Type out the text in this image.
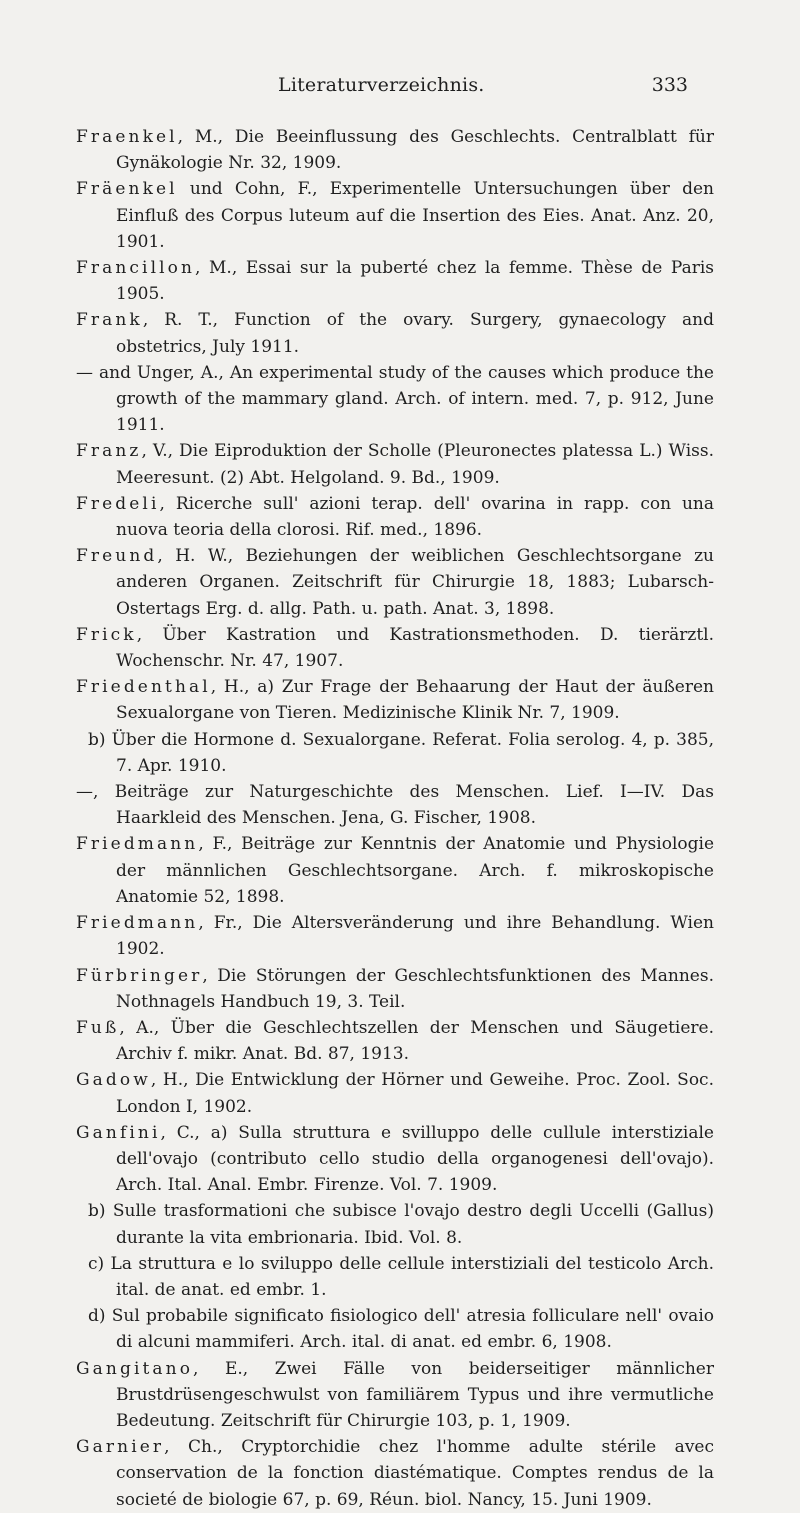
Literaturverzeichnis.	333
Fraenkel, M., Die Beeinflussung des Geschlechts. Centralblatt für Gynäkologie Nr. 32, 1909.
Fräenkel und Cohn, F., Experimentelle Untersuchungen über den Einfluß des Corpus luteum auf die Insertion des Eies. Anat. Anz. 20, 1901.
Francillon, M., Essai sur la puberté chez la femme. Thèse de Paris 1905.
Frank, R. T., Function of the ovary. Surgery, gynaecology and obstetrics, July 1911.
— and Unger, A., An experimental study of the causes which produce the growth of the mammary gland. Arch. of intern. med. 7, p. 912, June 1911.
Franz, V., Die Eiproduktion der Scholle (Pleuronectes platessa L.) Wiss. Meeresunt. (2) Abt. Helgoland. 9. Bd., 1909.
Fredeli, Ricerche sull' azioni terap. dell' ovarina in rapp. con una nuova teoria della clorosi. Rif. med., 1896.
Freund, H. W., Beziehungen der weiblichen Geschlechtsorgane zu anderen Organen. Zeitschrift für Chirurgie 18, 1883; Lubarsch-Ostertags Erg. d. allg. Path. u. path. Anat. 3, 1898.
Frick, Über Kastration und Kastrationsmethoden. D. tierärztl. Wochenschr. Nr. 47, 1907.
Friedenthal, H., a) Zur Frage der Behaarung der Haut der äußeren Sexualorgane von Tieren. Medizinische Klinik Nr. 7, 1909.
b) Über die Hormone d. Sexualorgane. Referat. Folia serolog. 4, p. 385, 7. Apr. 1910.
—, Beiträge zur Naturgeschichte des Menschen. Lief. I—IV. Das Haarkleid des Menschen. Jena, G. Fischer, 1908.
Friedmann, F., Beiträge zur Kenntnis der Anatomie und Physiologie der männlichen Geschlechtsorgane. Arch. f. mikroskopische Anatomie 52, 1898.
Friedmann, Fr., Die Altersveränderung und ihre Behandlung. Wien 1902.
Fürbringer, Die Störungen der Geschlechtsfunktionen des Mannes. Nothnagels Handbuch 19, 3. Teil.
Fuß, A., Über die Geschlechtszellen der Menschen und Säugetiere. Archiv f. mikr. Anat. Bd. 87, 1913.
Gadow, H., Die Entwicklung der Hörner und Geweihe. Proc. Zool. Soc. London I, 1902.
Ganfini, C., a) Sulla struttura e svilluppo delle cullule interstiziale dell'ovajo (contributo cello studio della organogenesi dell'ovajo). Arch. Ital. Anal. Embr. Firenze. Vol. 7. 1909.
b) Sulle trasformationi che subisce l'ovajo destro degli Uccelli (Gallus) durante la vita embrionaria. Ibid. Vol. 8.
c) La struttura e lo sviluppo delle cellule interstiziali del testicolo Arch. ital. de anat. ed embr. 1.
d) Sul probabile significato fisiologico dell' atresia folliculare nell' ovaio di alcuni mammiferi. Arch. ital. di anat. ed embr. 6, 1908.
Gangitano, E., Zwei Fälle von beiderseitiger männlicher Brustdrüsengeschwulst von familiärem Typus und ihre vermutliche Bedeutung. Zeitschrift für Chirurgie 103, p. 1, 1909.
Garnier, Ch., Cryptorchidie chez l'homme adulte stérile avec conservation de la fonction diastématique. Comptes rendus de la societé de biologie 67, p. 69, Réun. biol. Nancy, 15. Juni 1909.
